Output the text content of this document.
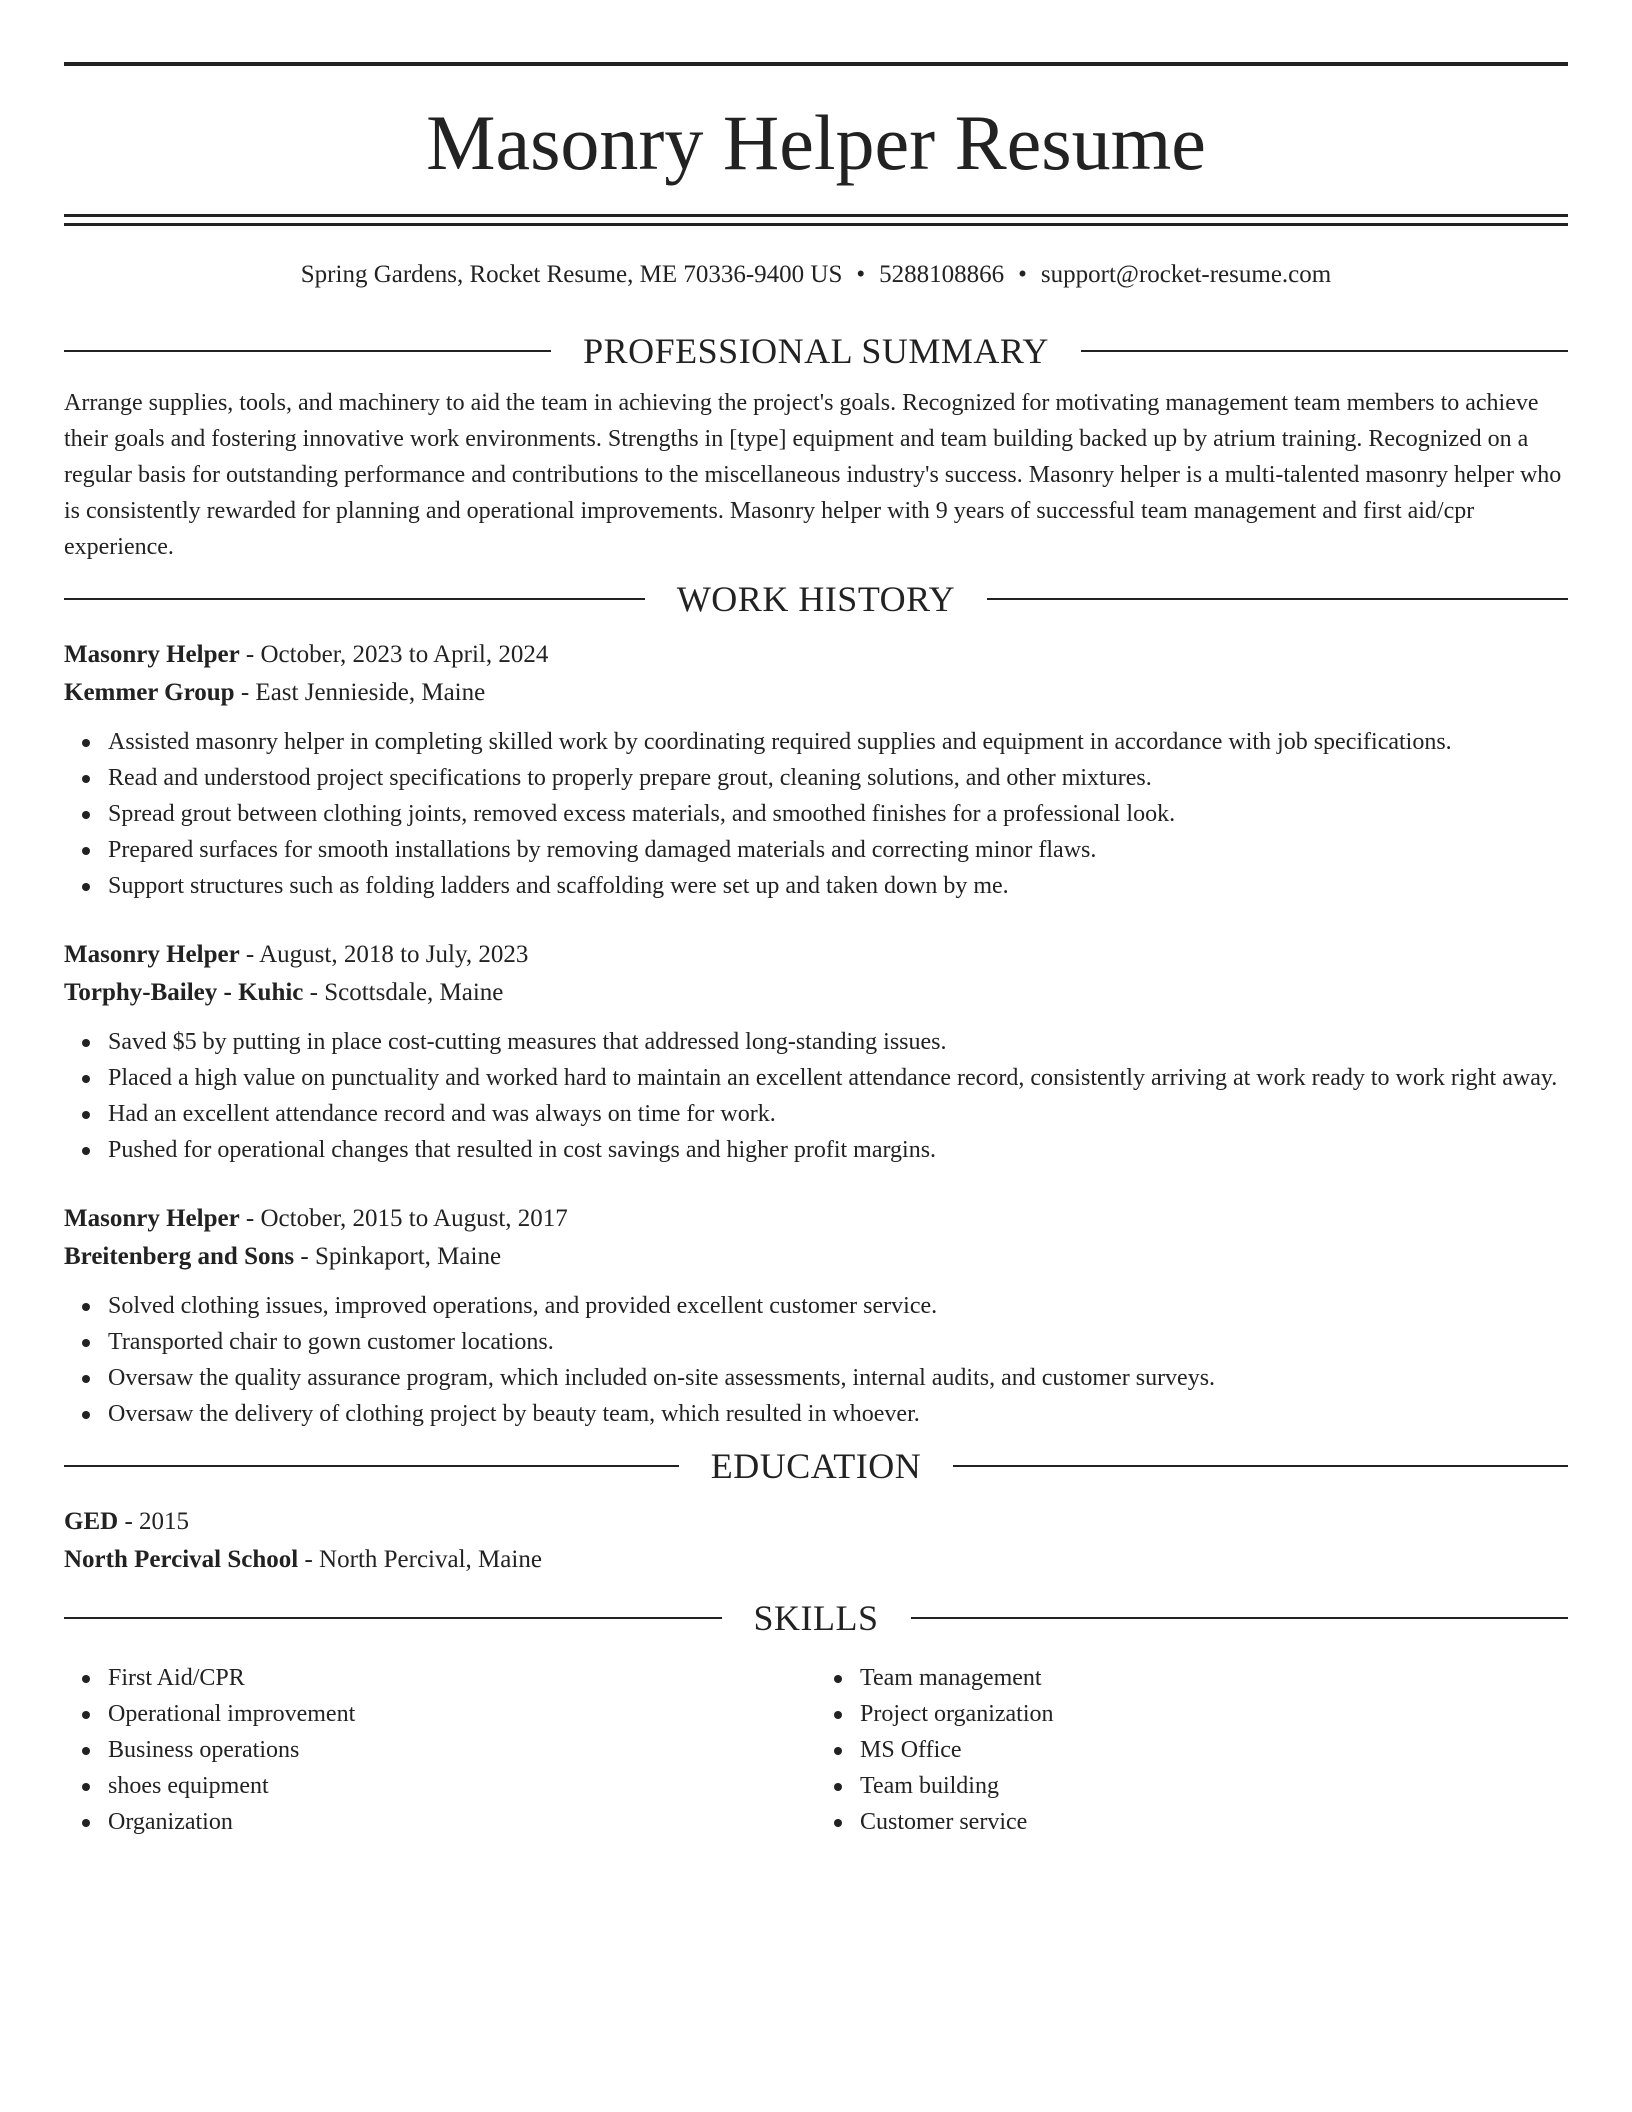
Masonry Helper Resume
Spring Gardens, Rocket Resume, ME 70336-9400 US • 5288108866 • support@rocket-resume.com
PROFESSIONAL SUMMARY

Arrange supplies, tools, and machinery to aid the team in achieving the project's goals. Recognized for motivating management team members to achieve their goals and fostering innovative work environments. Strengths in [type] equipment and team building backed up by atrium training. Recognized on a regular basis for outstanding performance and contributions to the miscellaneous industry's success. Masonry helper is a multi-talented masonry helper who is consistently rewarded for planning and operational improvements. Masonry helper with 9 years of successful team management and first aid/cpr experience.

WORK HISTORY
Masonry Helper - October, 2023 to April, 2024
Kemmer Group - East Jennieside, Maine
Assisted masonry helper in completing skilled work by coordinating required supplies and equipment in accordance with job specifications.
Read and understood project specifications to properly prepare grout, cleaning solutions, and other mixtures.
Spread grout between clothing joints, removed excess materials, and smoothed finishes for a professional look.
Prepared surfaces for smooth installations by removing damaged materials and correcting minor flaws.
Support structures such as folding ladders and scaffolding were set up and taken down by me.
Masonry Helper - August, 2018 to July, 2023
Torphy-Bailey - Kuhic - Scottsdale, Maine
Saved $5 by putting in place cost-cutting measures that addressed long-standing issues.
Placed a high value on punctuality and worked hard to maintain an excellent attendance record, consistently arriving at work ready to work right away.
Had an excellent attendance record and was always on time for work.
Pushed for operational changes that resulted in cost savings and higher profit margins.
Masonry Helper - October, 2015 to August, 2017
Breitenberg and Sons - Spinkaport, Maine
Solved clothing issues, improved operations, and provided excellent customer service.
Transported chair to gown customer locations.
Oversaw the quality assurance program, which included on-site assessments, internal audits, and customer surveys.
Oversaw the delivery of clothing project by beauty team, which resulted in whoever.
EDUCATION
GED - 2015
North Percival School - North Percival, Maine
SKILLS
First Aid/CPR
Operational improvement
Business operations
shoes equipment
Organization
Team management
Project organization
MS Office
Team building
Customer service
